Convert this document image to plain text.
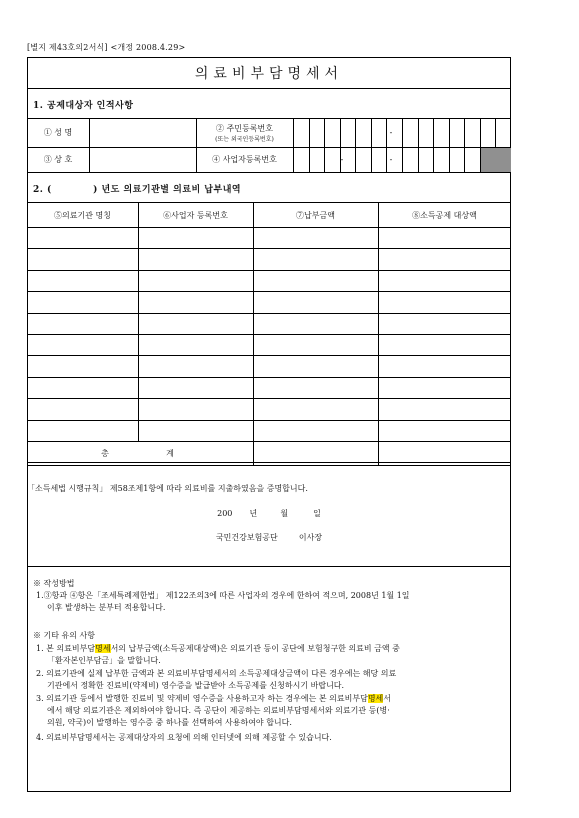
[별지 제43호의2서식] <개정 2008.4.29>
의료비부담명세서
1. 공제대상자 인적사항
① 성 명	② 주민등록번호
(또는 외국인등록번호)
③ 상 호	④ 사업자등록번호
-
-	-
2. (	) 년도 의료기관별 의료비 납부내역
⑤의료기관 명칭	⑥사업자 등록번호	⑦납부금액	⑧소득공제 대상액
총	계
「소득세법 시행규칙」 제58조제1항에 따라 의료비를 지출하였음을 증명합니다.
200 년	월	일
국민건강보험공단	이사장
※ 작성방법
1.③항과 ④항은「조세특례제한법」 제122조의3에 따른 사업자의 경우에 한하여 적으며, 2008년 1월 1일
이후 발생하는 분부터 적용합니다.
※ 기타 유의 사항
1. 본 의료비부담명세서의 납부금액(소득공제대상액)은 의료기관 등이 공단에 보험청구한 의료비 금액 중
「환자본인부담금」을 말합니다.
2. 의료기관에 실제 납부한 금액과 본 의료비부담명세서의 소득공제대상금액이 다른 경우에는 해당 의료
기관에서 정확한 진료비(약제비) 영수증을 발급받아 소득공제를 신청하시기 바랍니다.
3. 의료기관 등에서 발행한 진료비 및 약제비 영수증을 사용하고자 하는 경우에는 본 의료비부담명세서
에서 해당 의료기관은 제외하여야 합니다. 즉 공단이 제공하는 의료비부담명세서와 의료기관 등(병·
의원, 약국)이 발행하는 영수증 중 하나를 선택하여 사용하여야 합니다.
4. 의료비부담명세서는 공제대상자의 요청에 의해 인터넷에 의해 제공할 수 있습니다.
